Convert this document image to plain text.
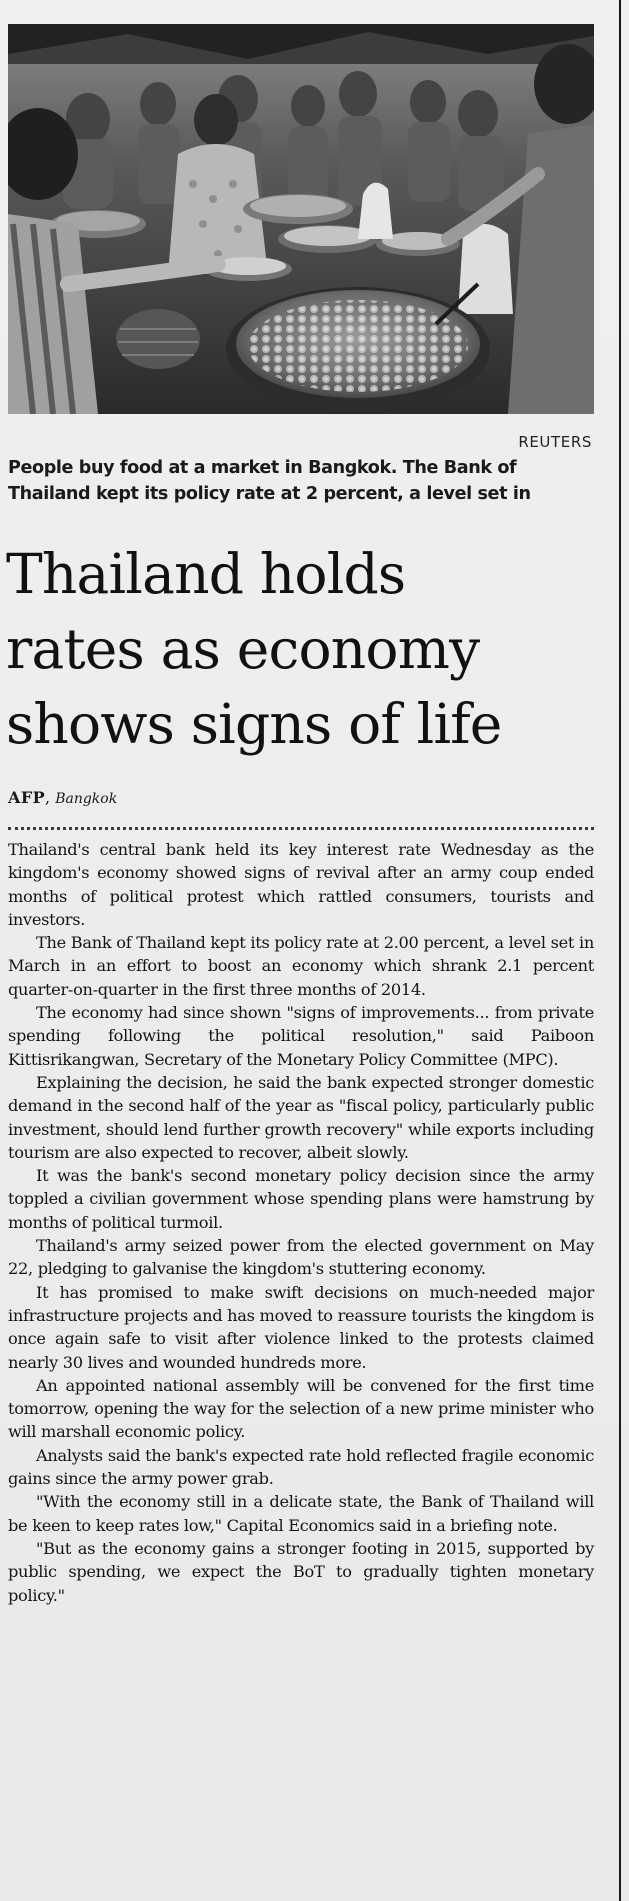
REUTERS
People buy food at a market in Bangkok. The Bank of Thailand kept its policy rate at 2 percent, a level set in
Thailand holds
rates as economy
shows signs of life
AFP, Bangkok

Thailand's central bank held its key interest rate Wednesday as the kingdom's economy showed signs of revival after an army coup ended months of political protest which rattled consumers, tourists and investors.

The Bank of Thailand kept its policy rate at 2.00 percent, a level set in March in an effort to boost an economy which shrank 2.1 percent quarter-on-quarter in the first three months of 2014.

The economy had since shown "signs of improvements... from private spending following the political resolution," said Paiboon Kittisrikangwan, Secretary of the Monetary Policy Committee (MPC).

Explaining the decision, he said the bank expected stronger domestic demand in the second half of the year as "fiscal policy, particularly public investment, should lend further growth recovery" while exports including tourism are also expected to recover, albeit slowly.

It was the bank's second monetary policy decision since the army toppled a civilian government whose spending plans were hamstrung by months of political turmoil.

Thailand's army seized power from the elected government on May 22, pledging to galvanise the kingdom's stuttering economy.

It has promised to make swift decisions on much-needed major infrastructure projects and has moved to reassure tourists the kingdom is once again safe to visit after violence linked to the protests claimed nearly 30 lives and wounded hundreds more.

An appointed national assembly will be convened for the first time tomorrow, opening the way for the selection of a new prime minister who will marshall economic policy.

Analysts said the bank's expected rate hold reflected fragile economic gains since the army power grab.

"With the economy still in a delicate state, the Bank of Thailand will be keen to keep rates low," Capital Economics said in a briefing note.

"But as the economy gains a stronger footing in 2015, supported by public spending, we expect the BoT to gradually tighten monetary policy."
